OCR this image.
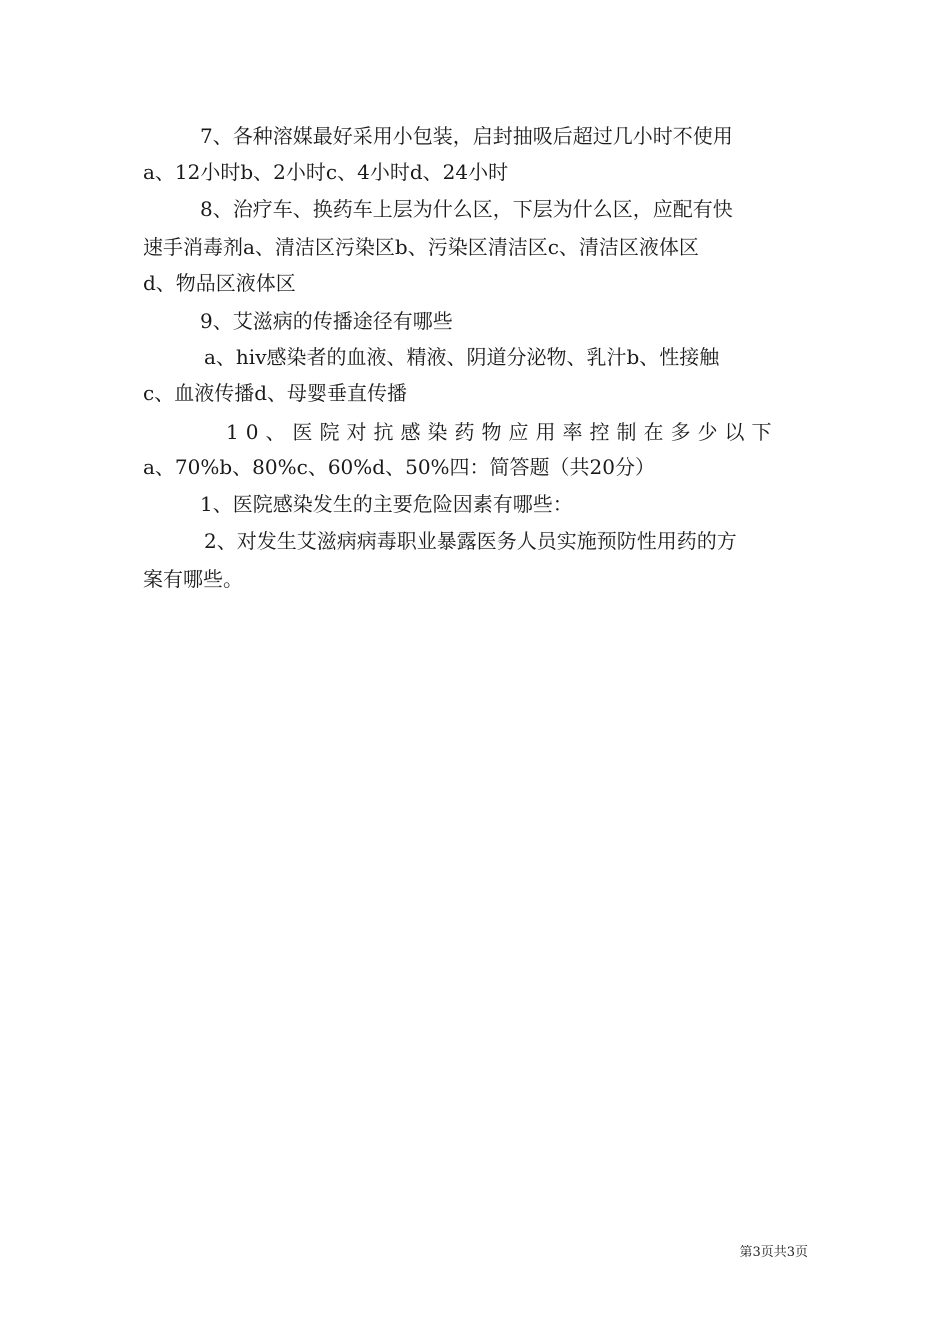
7、各种溶媒最好采用小包装，启封抽吸后超过几小时不使用
a、12小时b、2小时c、4小时d、24小时
8、治疗车、换药车上层为什么区，下层为什么区，应配有快
速手消毒剂a、清洁区污染区b、污染区清洁区c、清洁区液体区
d、物品区液体区
9、艾滋病的传播途径有哪些
a、hiv感染者的血液、精液、阴道分泌物、乳汁b、性接触
c、血液传播d、母婴垂直传播
10、医院对抗感染药物应用率控制在多少以下
a、70%b、80%c、60%d、50%四：简答题（共20分）
1、医院感染发生的主要危险因素有哪些：
2、对发生艾滋病病毒职业暴露医务人员实施预防性用药的方
案有哪些。
第3页共3页
